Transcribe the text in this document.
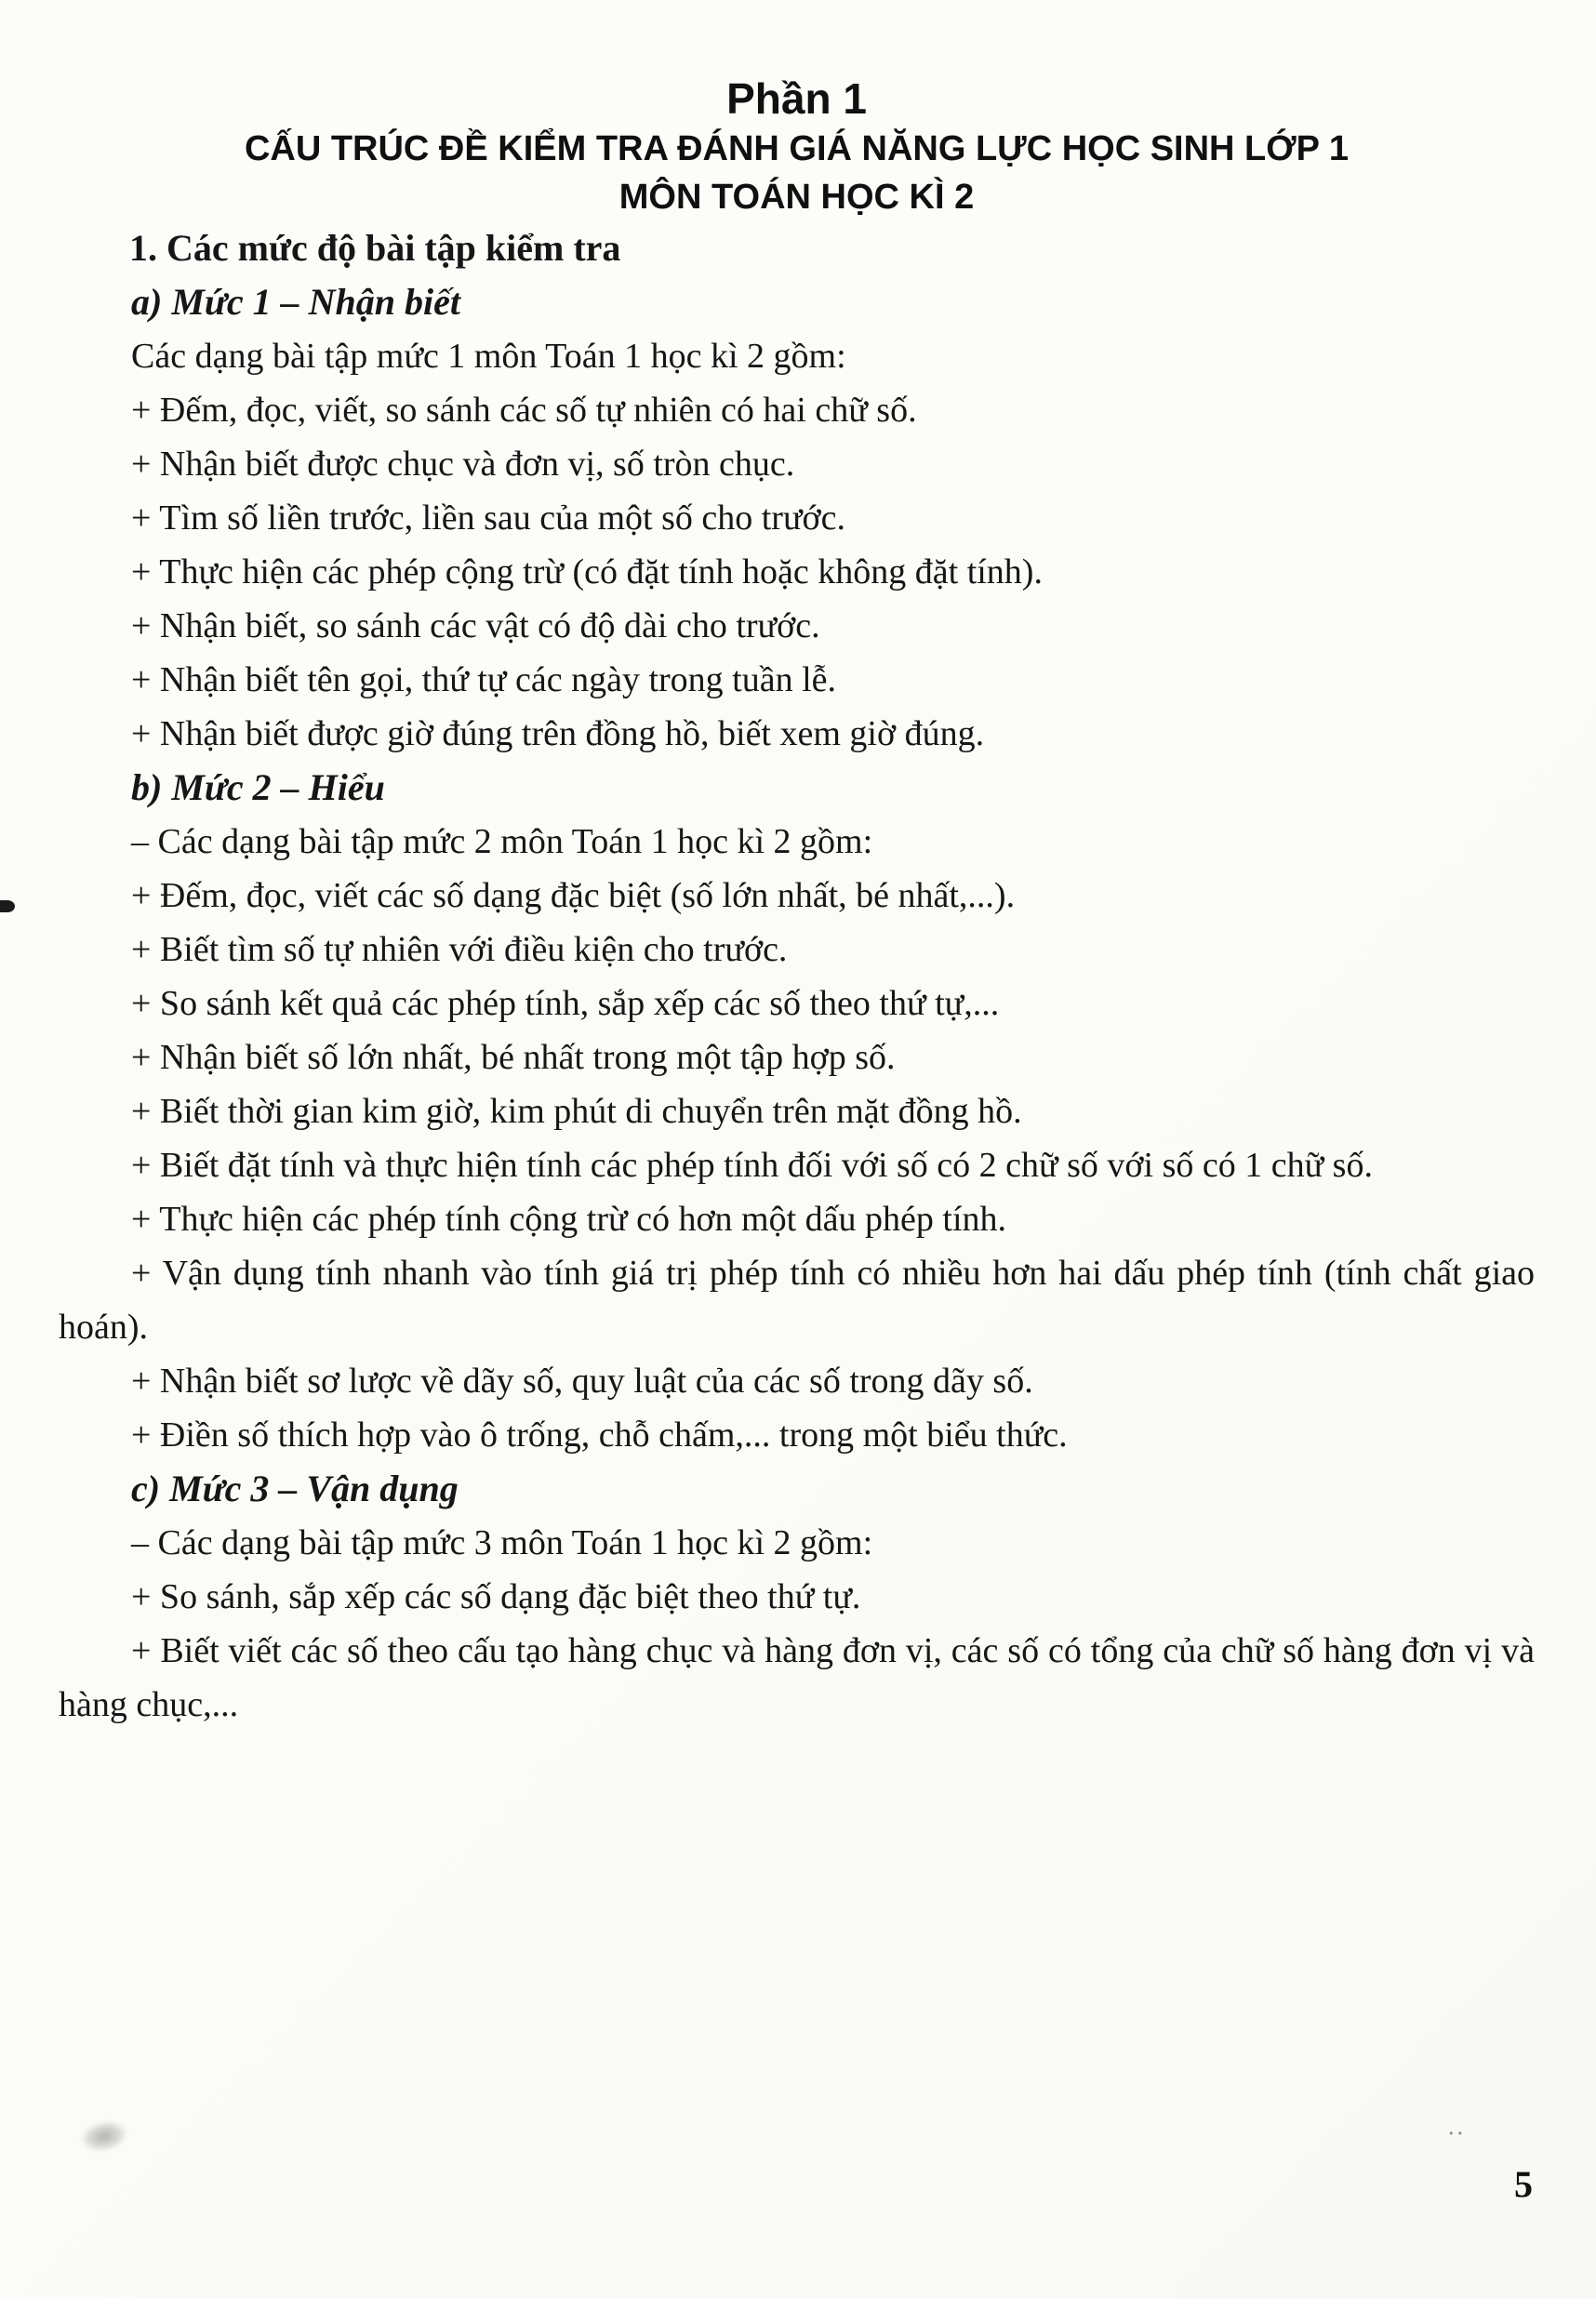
Phần 1
CẤU TRÚC ĐỀ KIỂM TRA ĐÁNH GIÁ NĂNG LỰC HỌC SINH LỚP 1
MÔN TOÁN HỌC KÌ 2

1. Các mức độ bài tập kiểm tra

a) Mức 1 – Nhận biết

Các dạng bài tập mức 1 môn Toán 1 học kì 2 gồm:

+ Đếm, đọc, viết, so sánh các số tự nhiên có hai chữ số.

+ Nhận biết được chục và đơn vị, số tròn chục.

+ Tìm số liền trước, liền sau của một số cho trước.

+ Thực hiện các phép cộng trừ (có đặt tính hoặc không đặt tính).

+ Nhận biết, so sánh các vật có độ dài cho trước.

+ Nhận biết tên gọi, thứ tự các ngày trong tuần lễ.

+ Nhận biết được giờ đúng trên đồng hồ, biết xem giờ đúng.

b) Mức 2 – Hiểu

– Các dạng bài tập mức 2 môn Toán 1 học kì 2 gồm:

+ Đếm, đọc, viết các số dạng đặc biệt (số lớn nhất, bé nhất,...).

+ Biết tìm số tự nhiên với điều kiện cho trước.

+ So sánh kết quả các phép tính, sắp xếp các số theo thứ tự,...

+ Nhận biết số lớn nhất, bé nhất trong một tập hợp số.

+ Biết thời gian kim giờ, kim phút di chuyển trên mặt đồng hồ.

+ Biết đặt tính và thực hiện tính các phép tính đối với số có 2 chữ số với số có 1 chữ số.

+ Thực hiện các phép tính cộng trừ có hơn một dấu phép tính.

+ Vận dụng tính nhanh vào tính giá trị phép tính có nhiều hơn hai dấu phép tính (tính chất giao hoán).

+ Nhận biết sơ lược về dãy số, quy luật của các số trong dãy số.

+ Điền số thích hợp vào ô trống, chỗ chấm,... trong một biểu thức.

c) Mức 3 – Vận dụng

– Các dạng bài tập mức 3 môn Toán 1 học kì 2 gồm:

+ So sánh, sắp xếp các số dạng đặc biệt theo thứ tự.

+ Biết viết các số theo cấu tạo hàng chục và hàng đơn vị, các số có tổng của chữ số hàng đơn vị và hàng chục,...

..
5
